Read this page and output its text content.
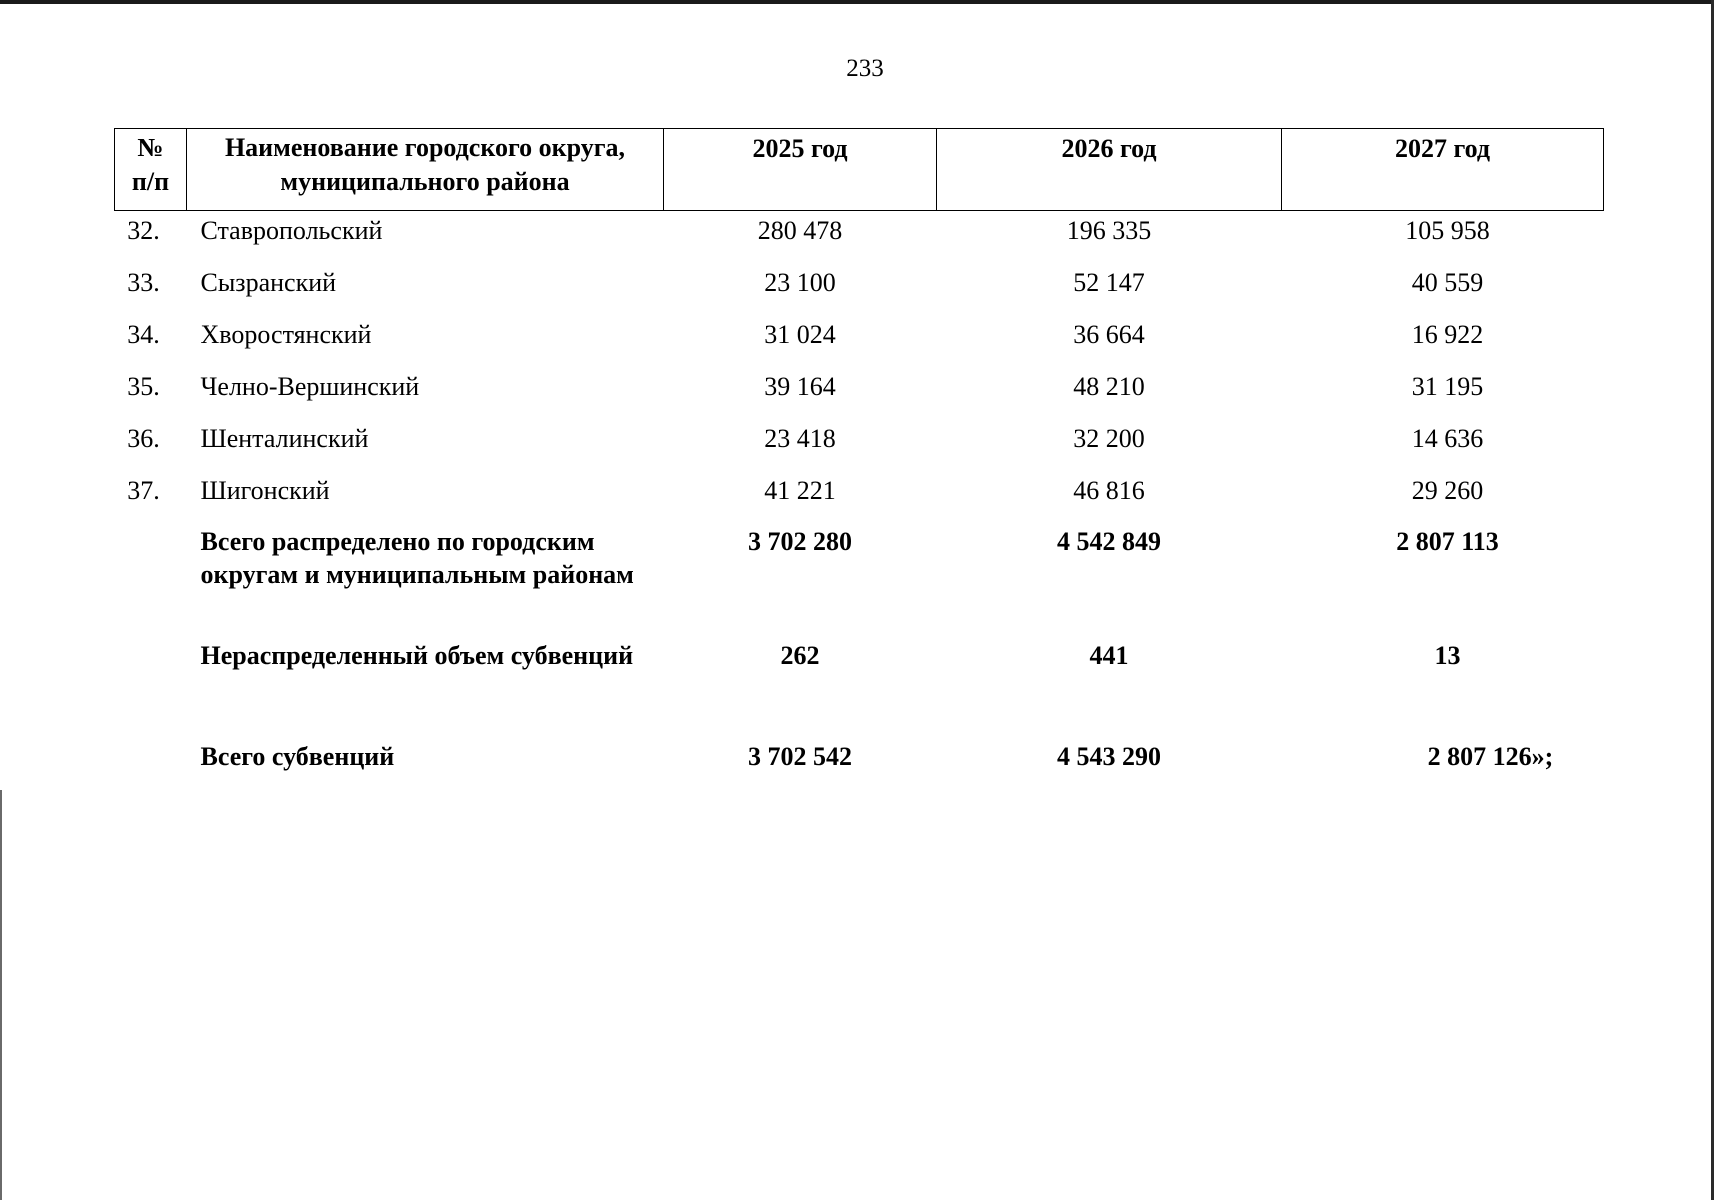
233
№ п/п	Наименование городского округа, муниципального района	2025 год	2026 год	2027 год
32.	Ставропольский	280 478	196 335	105 958
33.	Сызранский	23 100	52 147	40 559
34.	Хворостянский	31 024	36 664	16 922
35.	Челно-Вершинский	39 164	48 210	31 195
36.	Шенталинский	23 418	32 200	14 636
37.	Шигонский	41 221	46 816	29 260
	Всего распределено по городским округам и муниципальным районам	3 702 280	4 542 849	2 807 113
	Нераспределенный объем субвенций	262	441	13
	Всего субвенций	3 702 542	4 543 290	2 807 126»;
